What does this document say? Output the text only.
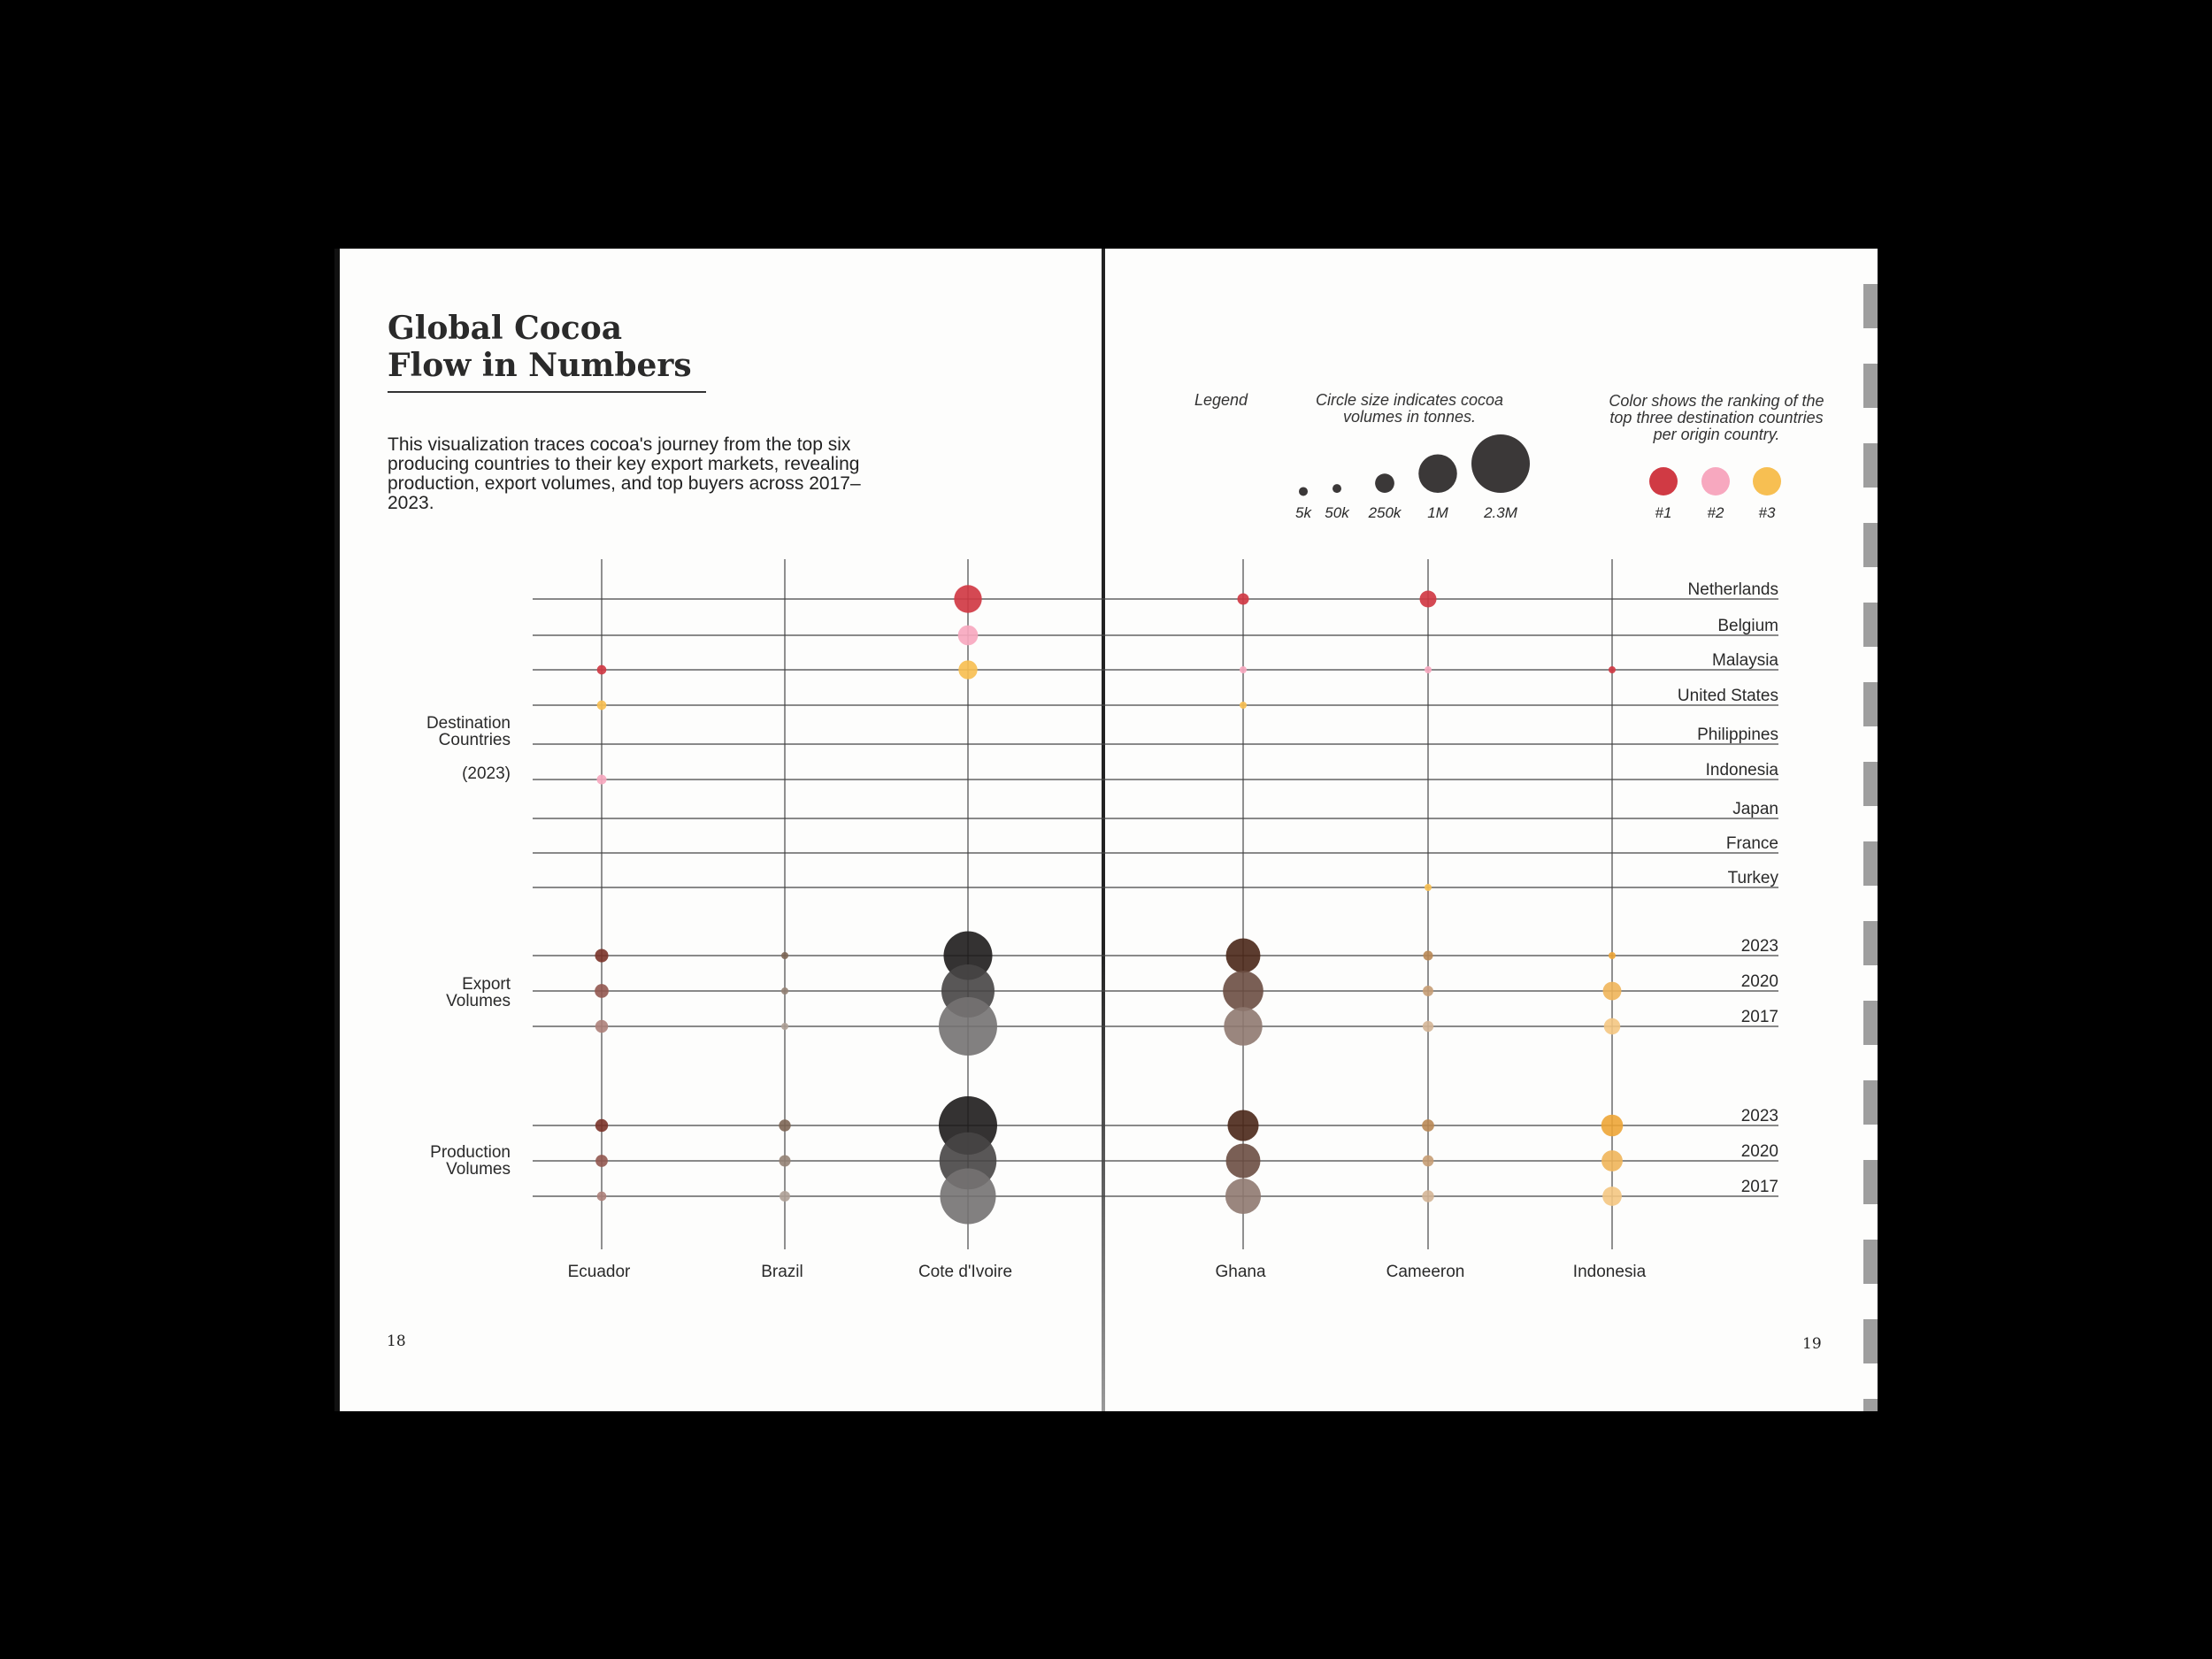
Global Cocoa
Flow in Numbers

This visualization traces cocoa's journey from the top six producing countries to their key export markets, revealing production, export volumes, and top buyers across 2017–2023.

Legend	Circle size indicates cocoa volumes in tonnes.
Color shows the ranking of the top three destination countries per origin country.
Netherlands
Belgium
Malaysia
United States
Philippines
Indonesia
Japan
France
Turkey
2023
2020
2017
2023
2020
2017
Destination
Countries
(2023)
Export
Volumes
Production
Volumes
Ecuador	Brazil	Cote d'Ivoire	Ghana	Cameeron	Indonesia
5k 50k 250k 1M 2.3M	#1 #2 #3
18	19
